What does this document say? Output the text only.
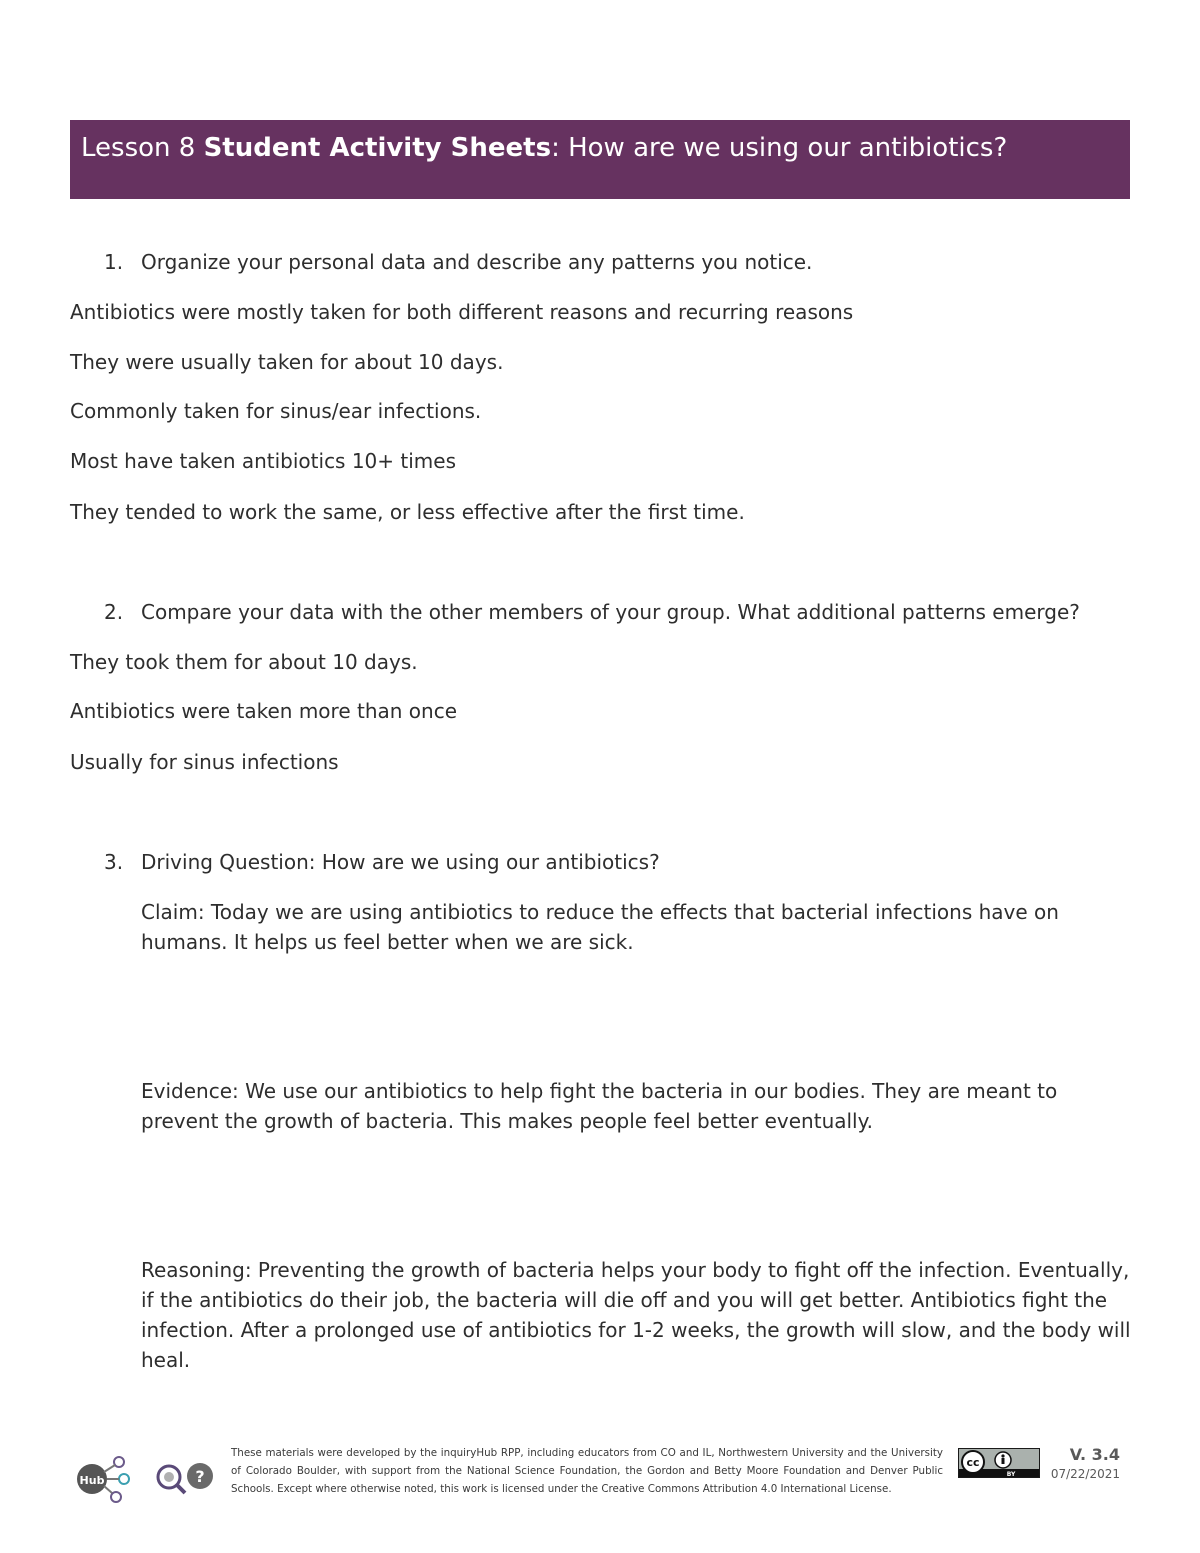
Lesson 8 Student Activity Sheets: How are we using our antibiotics?
1. Organize your personal data and describe any patterns you notice.
Antibiotics were mostly taken for both different reasons and recurring reasons
They were usually taken for about 10 days.
Commonly taken for sinus/ear infections.
Most have taken antibiotics 10+ times
They tended to work the same, or less effective after the first time.
2. Compare your data with the other members of your group. What additional patterns emerge?
They took them for about 10 days.
Antibiotics were taken more than once
Usually for sinus infections
3. Driving Question: How are we using our antibiotics?
Claim: Today we are using antibiotics to reduce the effects that bacterial infections have on humans. It helps us feel better when we are sick.
Evidence: We use our antibiotics to help fight the bacteria in our bodies. They are meant to prevent the growth of bacteria. This makes people feel better eventually.
Reasoning: Preventing the growth of bacteria helps your body to fight off the infection. Eventually, if the antibiotics do their job, the bacteria will die off and you will get better. Antibiotics fight the infection. After a prolonged use of antibiotics for 1-2 weeks, the growth will slow, and the body will heal.
Hub	?
These materials were developed by the inquiryHub RPP, including educators from CO and IL, Northwestern University and the University of Colorado Boulder, with support from the National Science Foundation, the Gordon and Betty Moore Foundation and Denver Public Schools. Except where otherwise noted, this work is licensed under the Creative Commons Attribution 4.0 International License.
cc
BY
V. 3.4
07/22/2021
